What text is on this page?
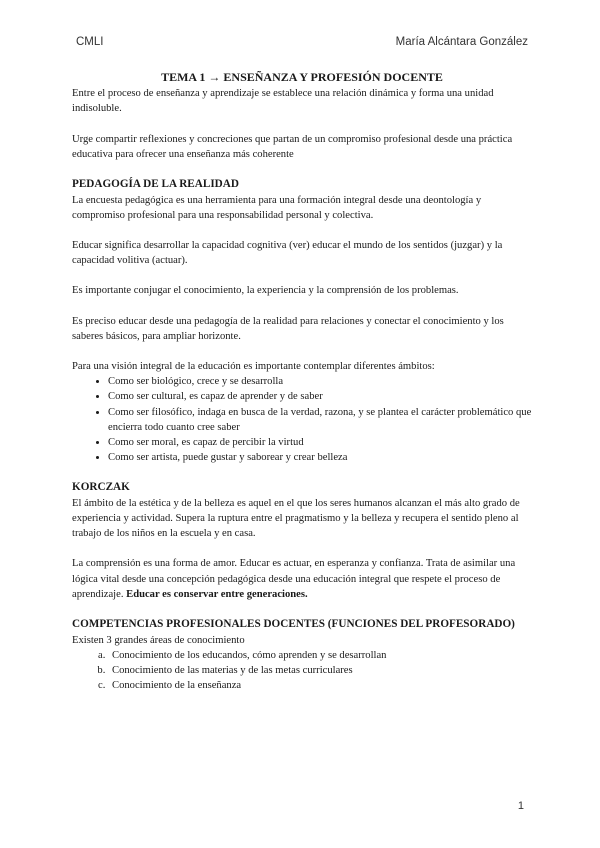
CMLI	María Alcántara González
TEMA 1 → ENSEÑANZA Y PROFESIÓN DOCENTE

Entre el proceso de enseñanza y aprendizaje se establece una relación dinámica y forma una unidad indisoluble.

Urge compartir reflexiones y concreciones que partan de un compromiso profesional desde una práctica educativa para ofrecer una enseñanza más coherente

PEDAGOGÍA DE LA REALIDAD

La encuesta pedagógica es una herramienta para una formación integral desde una deontología y compromiso profesional para una responsabilidad personal y colectiva.

Educar significa desarrollar la capacidad cognitiva (ver) educar el mundo de los sentidos (juzgar) y la capacidad volitiva (actuar).

Es importante conjugar el conocimiento, la experiencia y la comprensión de los problemas.

Es preciso educar desde una pedagogía de la realidad para relaciones y conectar el conocimiento y los saberes básicos, para ampliar horizonte.

Para una visión integral de la educación es importante contemplar diferentes ámbitos:

• Como ser biológico, crece y se desarrolla
• Como ser cultural, es capaz de aprender y de saber
• Como ser filosófico, indaga en busca de la verdad, razona, y se plantea el carácter problemático que encierra todo cuanto cree saber
• Como ser moral, es capaz de percibir la virtud
• Como ser artista, puede gustar y saborear y crear belleza
KORCZAK

El ámbito de la estética y de la belleza es aquel en el que los seres humanos alcanzan el más alto grado de experiencia y actividad. Supera la ruptura entre el pragmatismo y la belleza y recupera el sentido pleno al trabajo de los niños en la escuela y en casa.

La comprensión es una forma de amor. Educar es actuar, en esperanza y confianza. Trata de asimilar una lógica vital desde una concepción pedagógica desde una educación integral que respete el proceso de aprendizaje. Educar es conservar entre generaciones.

COMPETENCIAS PROFESIONALES DOCENTES (FUNCIONES DEL PROFESORADO)

Existen 3 grandes áreas de conocimiento

a. Conocimiento de los educandos, cómo aprenden y se desarrollan
b. Conocimiento de las materias y de las metas curriculares
c. Conocimiento de la enseñanza
1
